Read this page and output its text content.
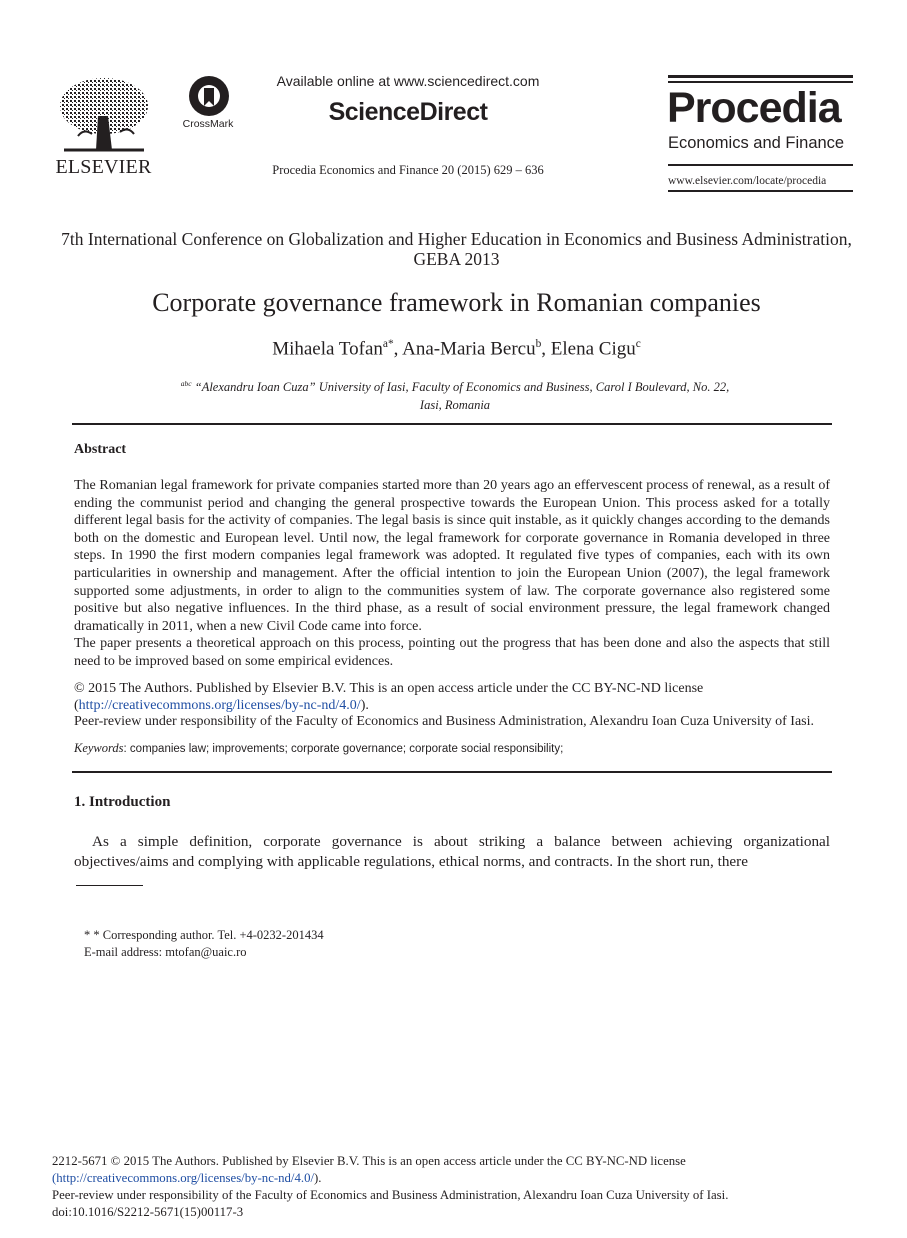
ELSEVIER
CrossMark
Available online at www.sciencedirect.com
ScienceDirect
Procedia Economics and Finance 20 (2015) 629 – 636
Procedia
Economics and Finance
www.elsevier.com/locate/procedia
7th International Conference on Globalization and Higher Education in Economics and Business Administration, GEBA 2013
Corporate governance framework in Romanian companies
Mihaela Tofan$^{a*}$, Ana-Maria Bercu$^b$, Elena Cigu$^c$
$^{abc}$ “Alexandru Ioan Cuza” University of Iasi, Faculty of Economics and Business, Carol I Boulevard, No. 22,
Iasi, Romania
Abstract

The Romanian legal framework for private companies started more than 20 years ago an effervescent process of renewal, as a result of ending the communist period and changing the general prospective towards the European Union. This process asked for a totally different legal basis for the activity of companies. The legal basis is since quit instable, as it quickly changes according to the demands both on the domestic and European level. Until now, the legal framework for corporate governance in Romania developed in three steps. In 1990 the first modern companies legal framework was adopted. It regulated five types of companies, each with its own particularities in ownership and management. After the official intention to join the European Union (2007), the legal framework supported some adjustments, in order to align to the communities system of law. The corporate governance also registered some positive but also negative influences. In the third phase, as a result of social environment pressure, the legal framework changed dramatically in 2011, when a new Civil Code came into force.

The paper presents a theoretical approach on this process, pointing out the progress that has been done and also the aspects that still need to be improved based on some empirical evidences.

© 2015 The Authors. Published by Elsevier B.V. This is an open access article under the CC BY-NC-ND license
(http://creativecommons.org/licenses/by-nc-nd/4.0/).
Peer-review under responsibility of the Faculty of Economics and Business Administration, Alexandru Ioan Cuza University of Iasi.
Keywords: companies law; improvements; corporate governance; corporate social responsibility;
1. Introduction
As a simple definition, corporate governance is about striking a balance between achieving organizational objectives/aims and complying with applicable regulations, ethical norms, and contracts. In the short run, there
* * Corresponding author. Tel. +4-0232-201434
E-mail address: mtofan@uaic.ro
2212-5671 © 2015 The Authors. Published by Elsevier B.V. This is an open access article under the CC BY-NC-ND license
(http://creativecommons.org/licenses/by-nc-nd/4.0/).
Peer-review under responsibility of the Faculty of Economics and Business Administration, Alexandru Ioan Cuza University of Iasi.
doi:10.1016/S2212-5671(15)00117-3
